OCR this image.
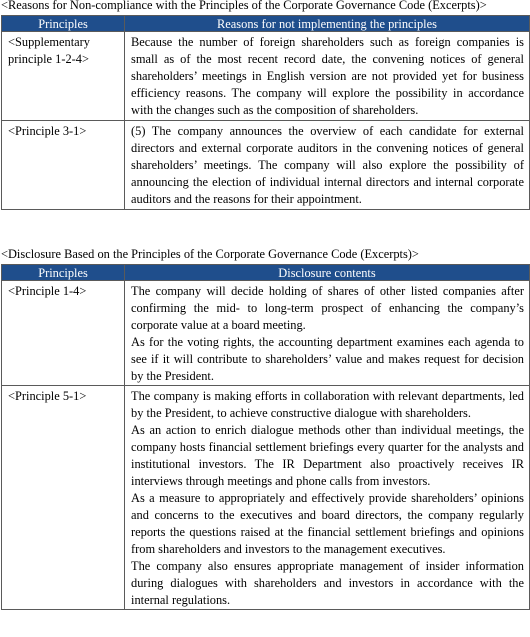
<Reasons for Non-compliance with the Principles of the Corporate Governance Code (Excerpts)>
Principles	Reasons for not implementing the principles
<Supplementary principle 1-2-4>	Because the number of foreign shareholders such as foreign companies is small as of the most recent record date, the convening notices of general shareholders’ meetings in English version are not provided yet for business efficiency reasons. The company will explore the possibility in accordance with the changes such as the composition of shareholders.

<Principle 3-1>	(5) The company announces the overview of each candidate for external directors and external corporate auditors in the convening notices of general shareholders’ meetings. The company will also explore the possibility of announcing the election of individual internal directors and internal corporate auditors and the reasons for their appointment.

<Disclosure Based on the Principles of the Corporate Governance Code (Excerpts)>
Principles	Disclosure contents
<Principle 1-4>	The company will decide holding of shares of other listed companies after confirming the mid- to long-term prospect of enhancing the company’s corporate value at a board meeting.

As for the voting rights, the accounting department examines each agenda to see if it will contribute to shareholders’ value and makes request for decision by the President.

<Principle 5-1>	The company is making efforts in collaboration with relevant departments, led by the President, to achieve constructive dialogue with shareholders.

As an action to enrich dialogue methods other than individual meetings, the company hosts financial settlement briefings every quarter for the analysts and institutional investors. The IR Department also proactively receives IR interviews through meetings and phone calls from investors.

As a measure to appropriately and effectively provide shareholders’ opinions and concerns to the executives and board directors, the company regularly reports the questions raised at the financial settlement briefings and opinions from shareholders and investors to the management executives.

The company also ensures appropriate management of insider information during dialogues with shareholders and investors in accordance with the internal regulations.
